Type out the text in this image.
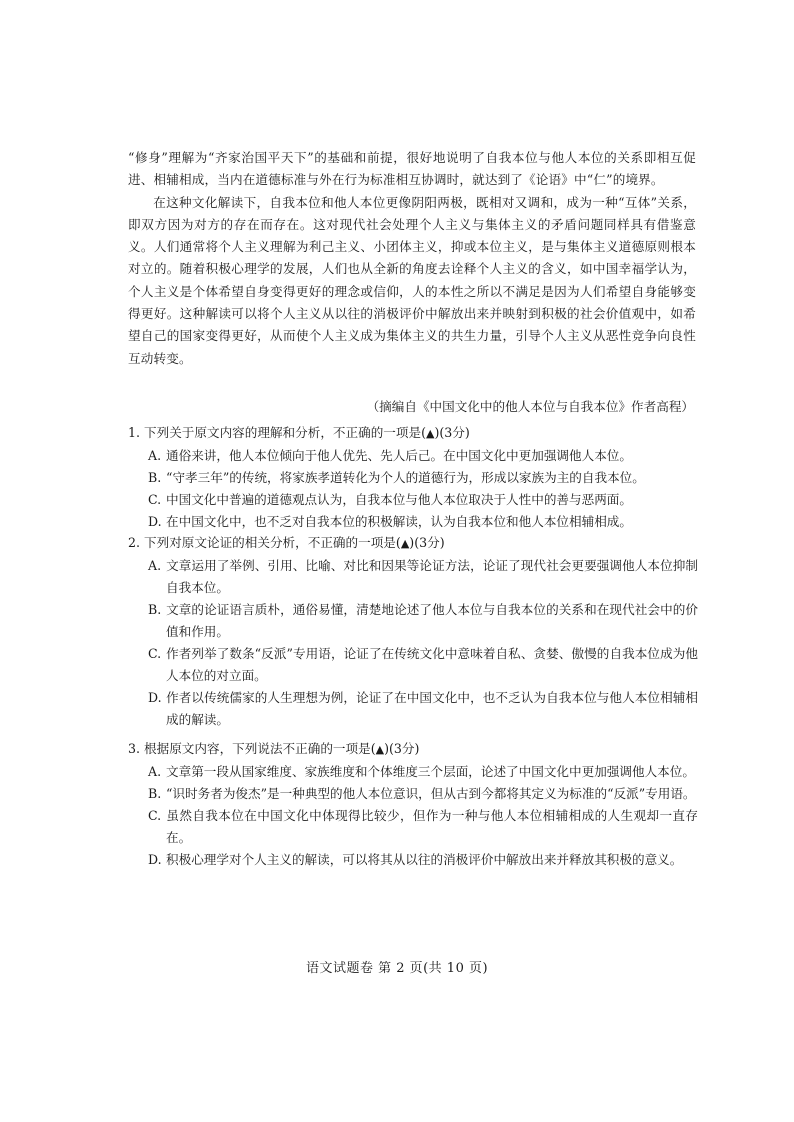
“修身”理解为“齐家治国平天下”的基础和前提，很好地说明了自我本位与他人本位的关系即相互促进、相辅相成，当内在道德标准与外在行为标准相互协调时，就达到了《论语》中“仁”的境界。

在这种文化解读下，自我本位和他人本位更像阴阳两极，既相对又调和，成为一种“互体”关系，即双方因为对方的存在而存在。这对现代社会处理个人主义与集体主义的矛盾问题同样具有借鉴意义。人们通常将个人主义理解为利己主义、小团体主义，抑或本位主义，是与集体主义道德原则根本对立的。随着积极心理学的发展，人们也从全新的角度去诠释个人主义的含义，如中国幸福学认为，个人主义是个体希望自身变得更好的理念或信仰，人的本性之所以不满足是因为人们希望自身能够变得更好。这种解读可以将个人主义从以往的消极评价中解放出来并映射到积极的社会价值观中，如希望自己的国家变得更好，从而使个人主义成为集体主义的共生力量，引导个人主义从恶性竞争向良性互动转变。

（摘编自《中国文化中的他人本位与自我本位》作者高程）

1. 下列关于原文内容的理解和分析，不正确的一项是(▲)(3分)

A. 通俗来讲，他人本位倾向于他人优先、先人后己。在中国文化中更加强调他人本位。

B. “守孝三年”的传统，将家族孝道转化为个人的道德行为，形成以家族为主的自我本位。

C. 中国文化中普遍的道德观点认为，自我本位与他人本位取决于人性中的善与恶两面。

D. 在中国文化中，也不乏对自我本位的积极解读，认为自我本位和他人本位相辅相成。

2. 下列对原文论证的相关分析，不正确的一项是(▲)(3分)

A. 文章运用了举例、引用、比喻、对比和因果等论证方法，论证了现代社会更要强调他人本位抑制自我本位。

B. 文章的论证语言质朴，通俗易懂，清楚地论述了他人本位与自我本位的关系和在现代社会中的价值和作用。

C. 作者列举了数条“反派”专用语，论证了在传统文化中意味着自私、贪婪、傲慢的自我本位成为他人本位的对立面。

D. 作者以传统儒家的人生理想为例，论证了在中国文化中，也不乏认为自我本位与他人本位相辅相成的解读。

3. 根据原文内容，下列说法不正确的一项是(▲)(3分)

A. 文章第一段从国家维度、家族维度和个体维度三个层面，论述了中国文化中更加强调他人本位。

B. “识时务者为俊杰”是一种典型的他人本位意识，但从古到今都将其定义为标准的“反派”专用语。

C. 虽然自我本位在中国文化中体现得比较少，但作为一种与他人本位相辅相成的人生观却一直存在。

D. 积极心理学对个人主义的解读，可以将其从以往的消极评价中解放出来并释放其积极的意义。

语文试题卷 第 2 页(共 10 页)
